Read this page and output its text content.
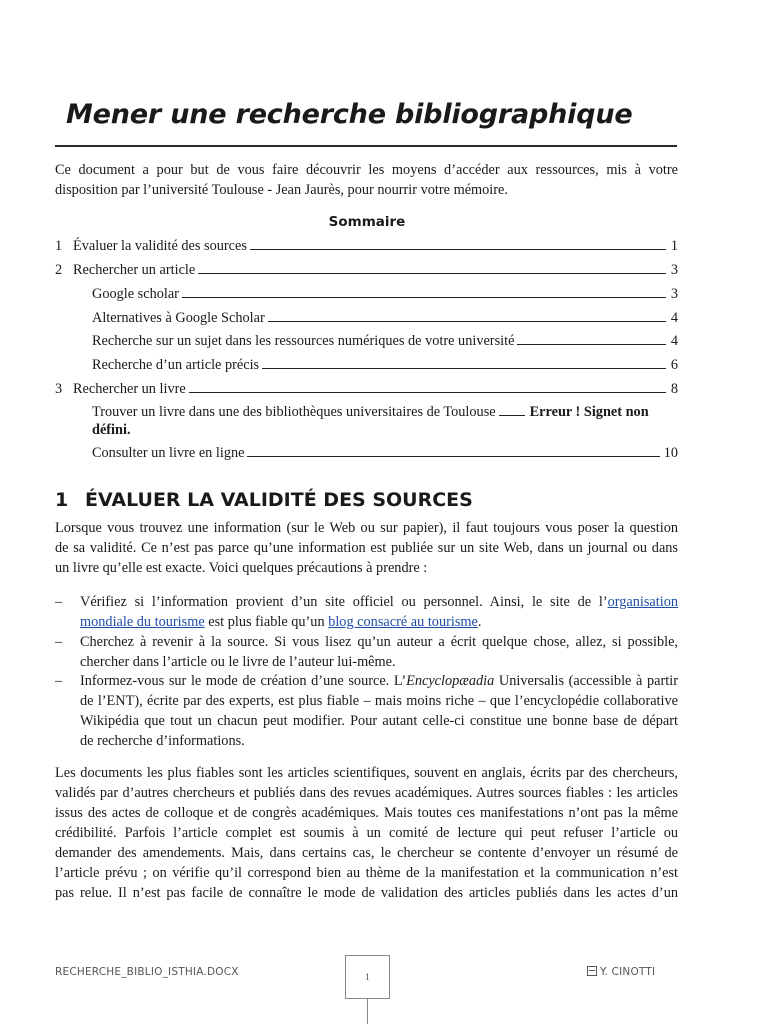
Mener une recherche bibliographique
Ce document a pour but de vous faire découvrir les moyens d’accéder aux ressources, mis à votre
disposition par l’université Toulouse - Jean Jaurès, pour nourrir votre mémoire.
Sommaire
1 Évaluer la validité des sources	1
2 Rechercher un article	3
Google scholar	3
Alternatives à Google Scholar	4
Recherche sur un sujet dans les ressources numériques de votre université	4
Recherche d’un article précis	6
3 Rechercher un livre	8
Trouver un livre dans une des bibliothèques universitaires de Toulouse	Erreur ! Signet non
défini.
Consulter un livre en ligne	10
1 ÉVALUER LA VALIDITÉ DES SOURCES
Lorsque vous trouvez une information (sur le Web ou sur papier), il faut toujours vous poser la question
de sa validité. Ce n’est pas parce qu’une information est publiée sur un site Web, dans un journal ou dans
un livre qu’elle est exacte. Voici quelques précautions à prendre :
– Vérifiez si l’information provient d’un site officiel ou personnel. Ainsi, le site de l’organisation
mondiale du tourisme est plus fiable qu’un blog consacré au tourisme.
– Cherchez à revenir à la source. Si vous lisez qu’un auteur a écrit quelque chose, allez, si possible,
chercher dans l’article ou le livre de l’auteur lui-même.
– Informez-vous sur le mode de création d’une source. L’Encyclopæadia Universalis (accessible à partir
de l’ENT), écrite par des experts, est plus fiable – mais moins riche – que l’encyclopédie collaborative
Wikipédia que tout un chacun peut modifier. Pour autant celle-ci constitue une bonne base de départ
de recherche d’informations.
Les documents les plus fiables sont les articles scientifiques, souvent en anglais, écrits par des chercheurs,
validés par d’autres chercheurs et publiés dans des revues académiques. Autres sources fiables : les articles
issus des actes de colloque et de congrès académiques. Mais toutes ces manifestations n’ont pas la même
crédibilité. Parfois l’article complet est soumis à un comité de lecture qui peut refuser l’article ou
demander des amendements. Mais, dans certains cas, le chercheur se contente d’envoyer un résumé de
l’article prévu ; on vérifie qu’il correspond bien au thème de la manifestation et la communication n’est
pas relue. Il n’est pas facile de connaître le mode de validation des articles publiés dans les actes d’un
RECHERCHE_BIBLIO_ISTHIA.DOCX	1	Y. CINOTTI
